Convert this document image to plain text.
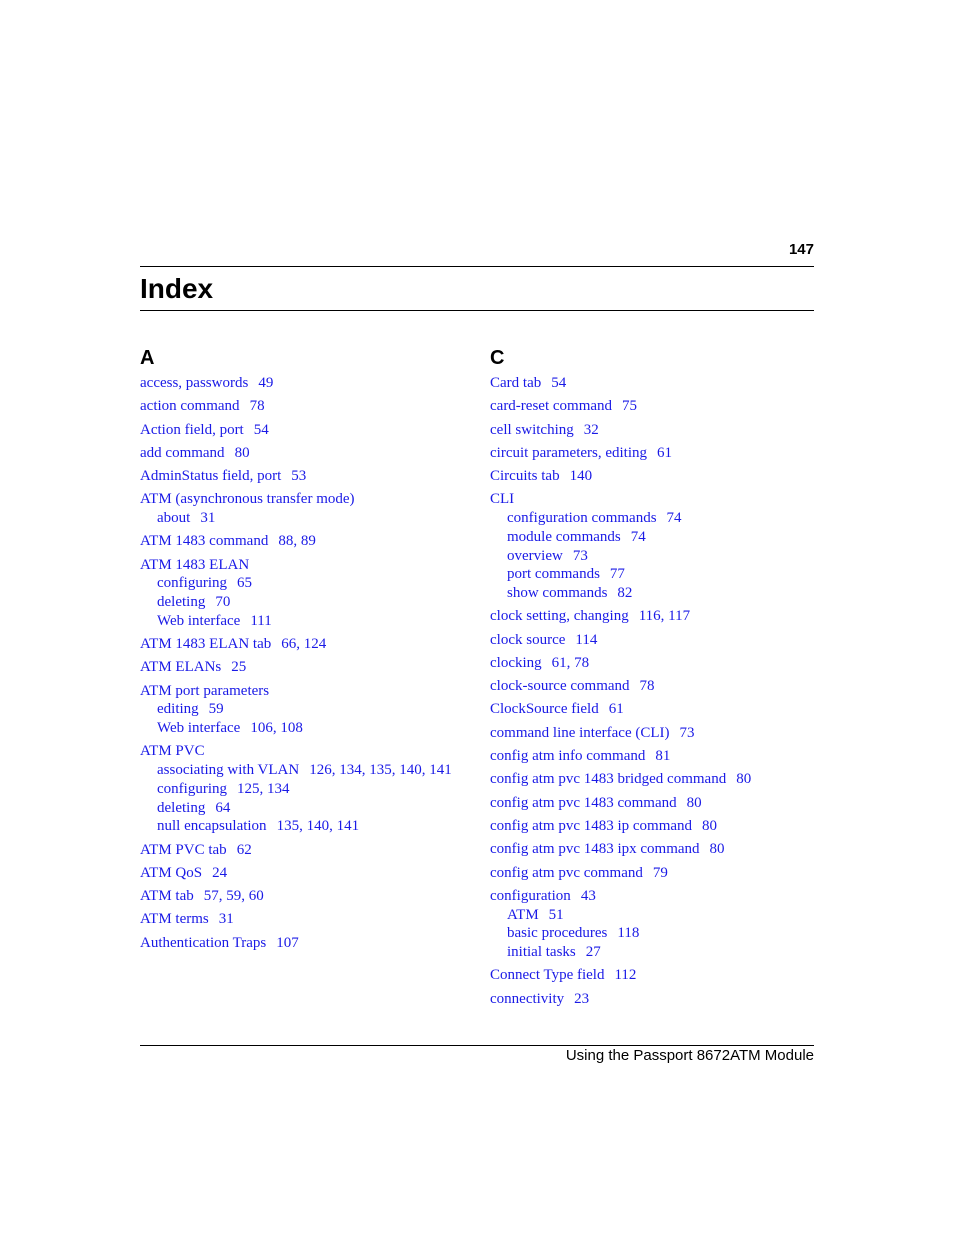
147
Index
A
access, passwords 49
action command 78
Action field, port 54
add command 80
AdminStatus field, port 53
ATM (asynchronous transfer mode)
about 31
ATM 1483 command 88, 89
ATM 1483 ELAN
configuring 65
deleting 70
Web interface 111
ATM 1483 ELAN tab 66, 124
ATM ELANs 25
ATM port parameters
editing 59
Web interface 106, 108
ATM PVC
associating with VLAN 126, 134, 135, 140, 141
configuring 125, 134
deleting 64
null encapsulation 135, 140, 141
ATM PVC tab 62
ATM QoS 24
ATM tab 57, 59, 60
ATM terms 31
Authentication Traps 107
C
Card tab 54
card-reset command 75
cell switching 32
circuit parameters, editing 61
Circuits tab 140
CLI
configuration commands 74
module commands 74
overview 73
port commands 77
show commands 82
clock setting, changing 116, 117
clock source 114
clocking 61, 78
clock-source command 78
ClockSource field 61
command line interface (CLI) 73
config atm info command 81
config atm pvc 1483 bridged command 80
config atm pvc 1483 command 80
config atm pvc 1483 ip command 80
config atm pvc 1483 ipx command 80
config atm pvc command 79
configuration 43
ATM 51
basic procedures 118
initial tasks 27
Connect Type field 112
connectivity 23
Using the Passport 8672ATM Module
